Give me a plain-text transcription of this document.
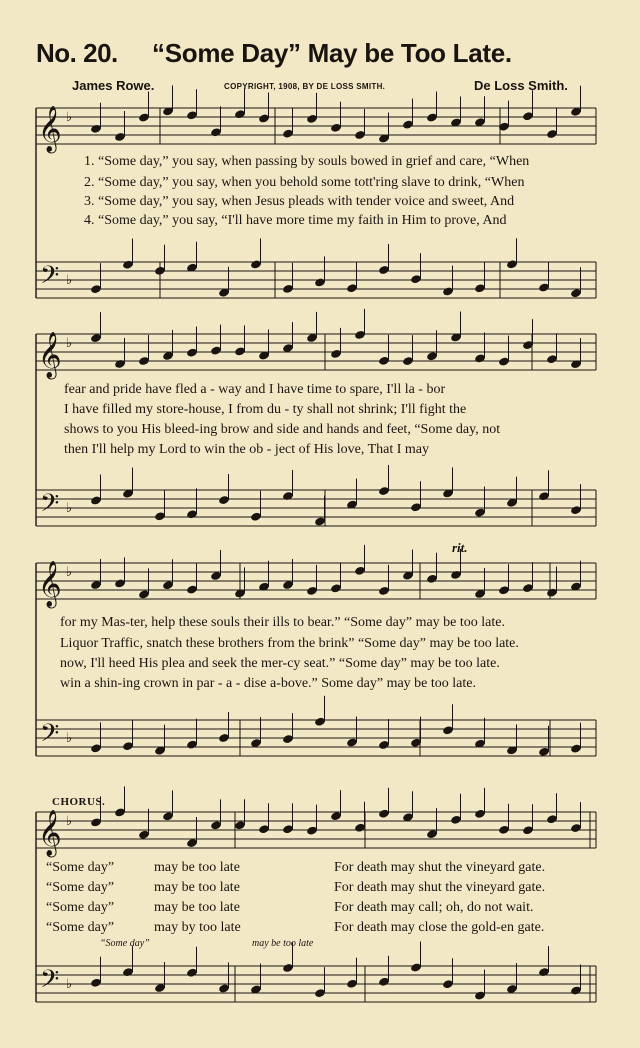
No. 20. “Some Day” May be Too Late.
James Rowe.	COPYRIGHT, 1908, BY DE LOSS SMITH.	De Loss Smith.
𝄞
𝄢
♭
♭
𝄞
𝄢
♭
♭
𝄞
𝄢
♭
♭
𝄞
𝄢
♭
♭
1. “Some day,” you say, when passing by souls bowed in grief and care, “When
2. “Some day,” you say, when you behold some tott'ring slave to drink, “When
3. “Some day,” you say, when Jesus pleads with tender voice and sweet, And
4. “Some day,” you say, “I'll have more time my faith in Him to prove, And
fear and pride have fled a - way and I have time to spare, I'll la - bor
I have filled my store-house, I from du - ty shall not shrink; I'll fight the
shows to you His bleed-ing brow and side and hands and feet, “Some day, not
then I'll help my Lord to win the ob - ject of His love, That I may
rit.
for my Mas-ter, help these souls their ills to bear.” “Some day” may be too late.
Liquor Traffic, snatch these brothers from the brink” “Some day” may be too late.
now, I'll heed His plea and seek the mer-cy seat.” “Some day” may be too late.
win a shin-ing crown in par - a - dise a-bove.” Some day” may be too late.
CHORUS.
“Some day”	may be too late	For death may shut the vineyard gate.
“Some day”	may be too late	For death may shut the vineyard gate.
“Some day”	may be too late	For death may call; oh, do not wait.
“Some day”	may by too late	For death may close the gold-en gate.
“Some day”	may be too late
